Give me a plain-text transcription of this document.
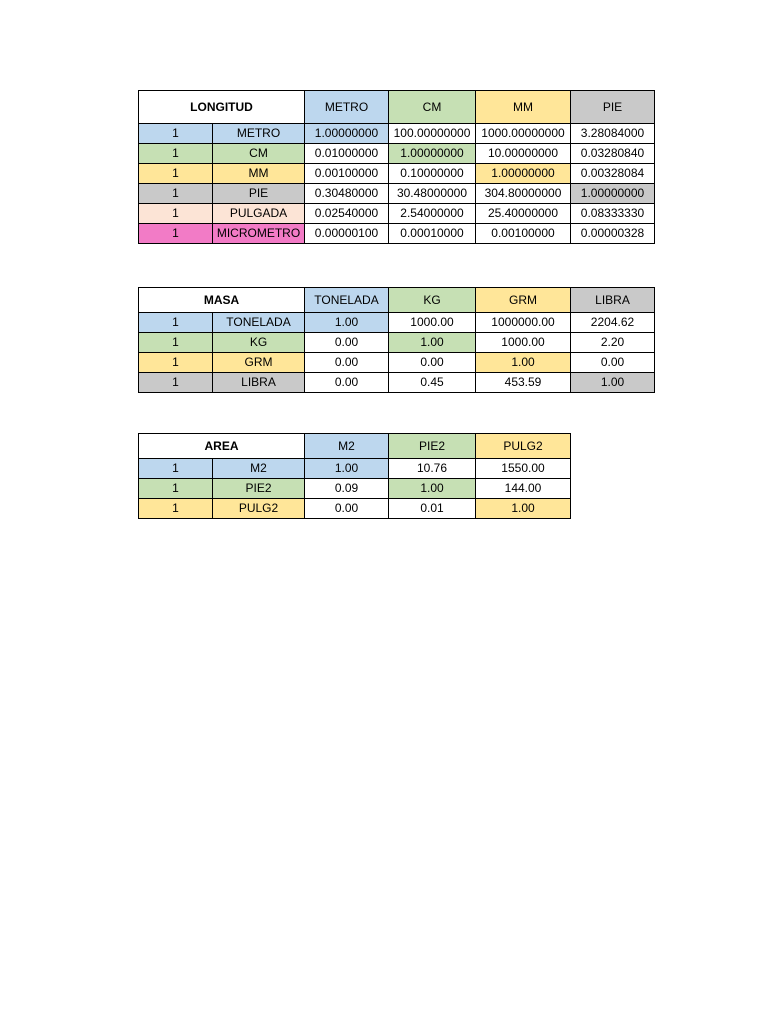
LONGITUD		METRO	CM	MM	PIE
1	METRO	1.00000000	100.00000000	1000.00000000	3.28084000
1	CM	0.01000000	1.00000000	10.00000000	0.03280840
1	MM	0.00100000	0.10000000	1.00000000	0.00328084
1	PIE	0.30480000	30.48000000	304.80000000	1.00000000
1	PULGADA	0.02540000	2.54000000	25.40000000	0.08333330
1	MICROMETRO	0.00000100	0.00010000	0.00100000	0.00000328
MASA		TONELADA	KG	GRM	LIBRA
1	TONELADA	1.00	1000.00	1000000.00	2204.62
1	KG	0.00	1.00	1000.00	2.20
1	GRM	0.00	0.00	1.00	0.00
1	LIBRA	0.00	0.45	453.59	1.00
AREA		M2	PIE2	PULG2
1	M2	1.00	10.76	1550.00
1	PIE2	0.09	1.00	144.00
1	PULG2	0.00	0.01	1.00
